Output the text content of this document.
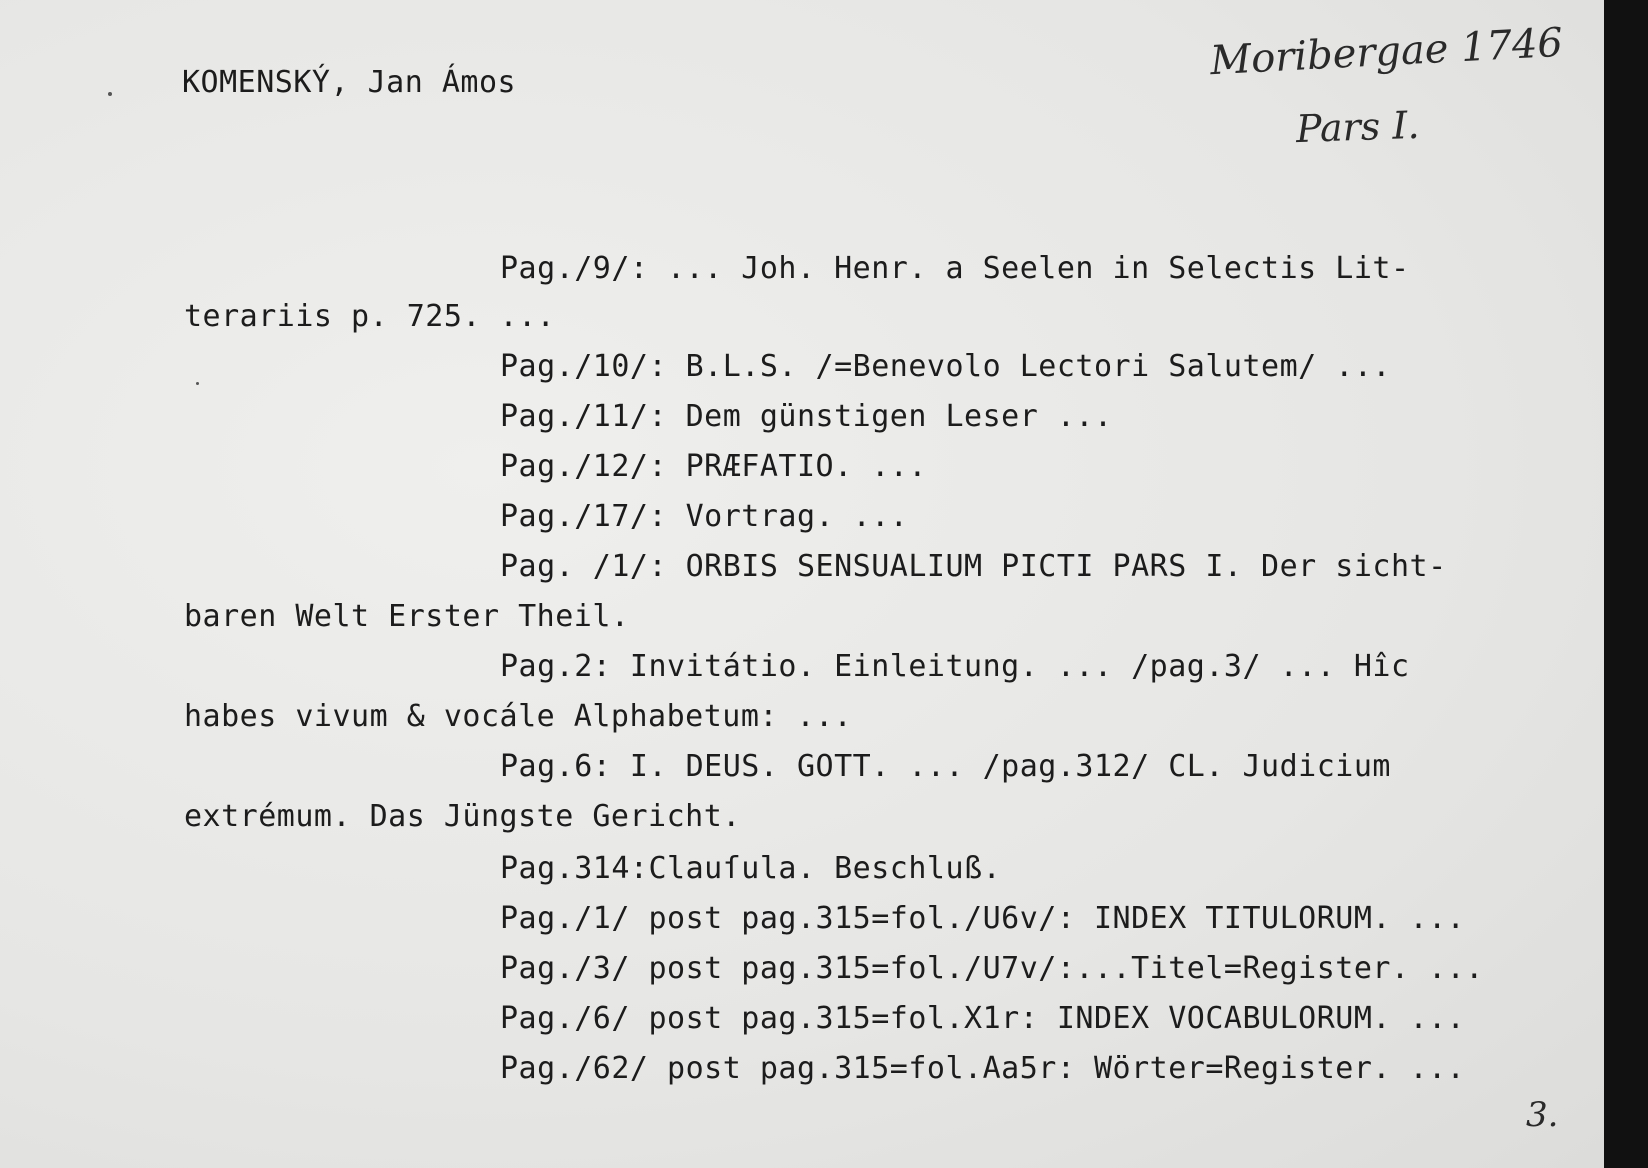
KOMENSKÝ, Jan Ámos	Moribergae 1746
Pars I.
Pag./9/: ... Joh. Henr. a Seelen in Selectis Lit-
terariis p. 725. ...
Pag./10/: B.L.S. /=Benevolo Lectori Salutem/ ...
Pag./11/: Dem günstigen Leser ...
Pag./12/: PRÆFATIO. ...
Pag./17/: Vortrag. ...
Pag. /1/: ORBIS SENSUALIUM PICTI PARS I. Der sicht-
baren Welt Erster Theil.
Pag.2: Invitátio. Einleitung. ... /pag.3/ ... Hîc
habes vivum & vocále Alphabetum: ...
Pag.6: I. DEUS. GOTT. ... /pag.312/ CL. Judicium
extrémum. Das Jüngste Gericht.
Pag.314:Clauſula. Beschluß.
Pag./1/ post pag.315=fol./U6v/: INDEX TITULORUM. ...
Pag./3/ post pag.315=fol./U7v/:...Titel=Register. ...
Pag./6/ post pag.315=fol.X1r: INDEX VOCABULORUM. ...
Pag./62/ post pag.315=fol.Aa5r: Wörter=Register. ...
3.
